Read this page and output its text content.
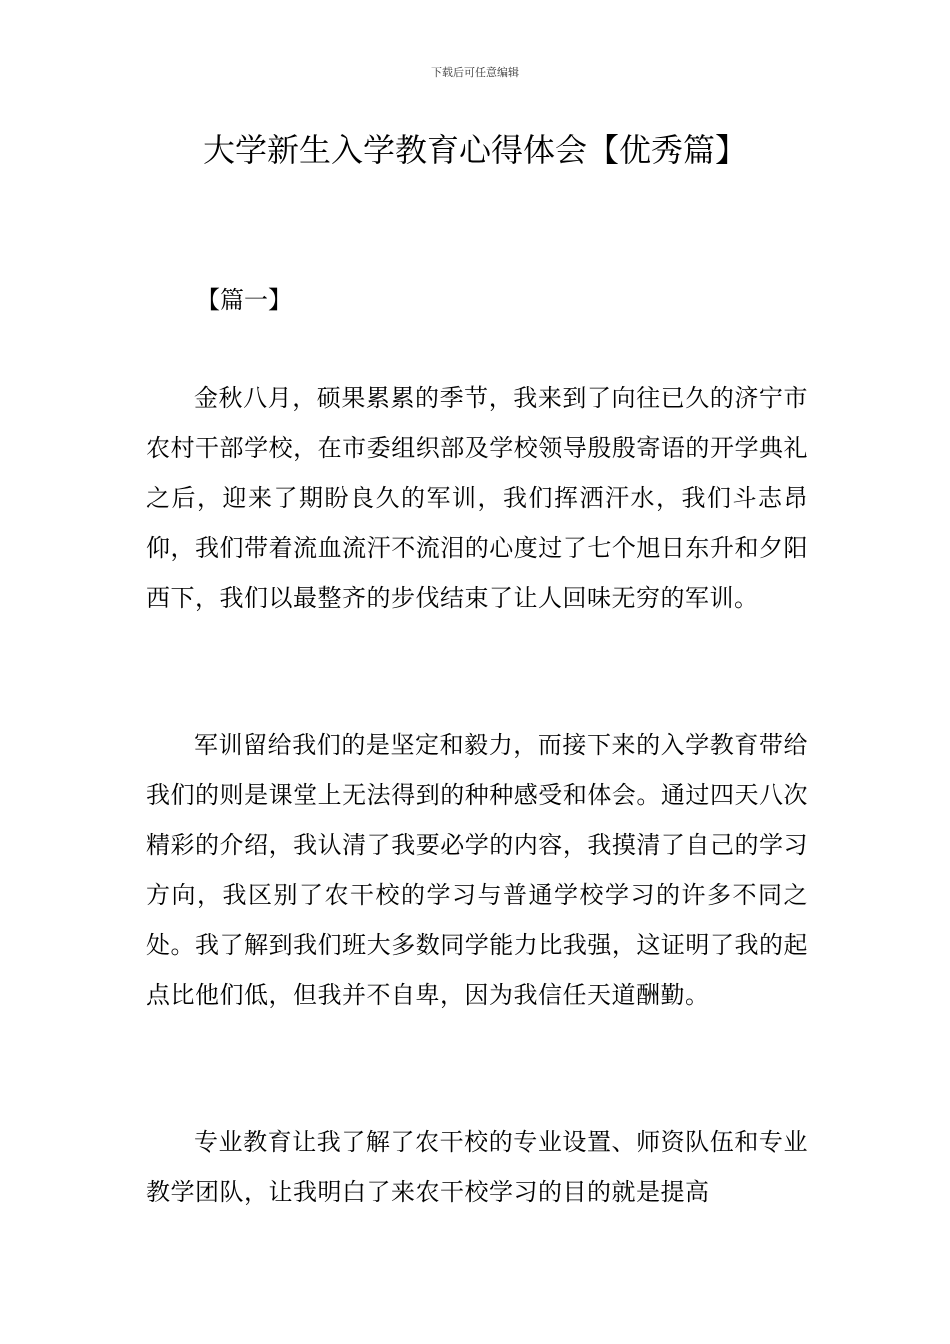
下载后可任意编辑
大学新生入学教育心得体会【优秀篇】
【篇一】

金秋八月，硕果累累的季节，我来到了向往已久的济宁市农村干部学校，在市委组织部及学校领导殷殷寄语的开学典礼之后，迎来了期盼良久的军训，我们挥洒汗水，我们斗志昂仰，我们带着流血流汗不流泪的心度过了七个旭日东升和夕阳西下，我们以最整齐的步伐结束了让人回味无穷的军训。

军训留给我们的是坚定和毅力，而接下来的入学教育带给我们的则是课堂上无法得到的种种感受和体会。通过四天八次精彩的介绍，我认清了我要必学的内容，我摸清了自己的学习方向，我区别了农干校的学习与普通学校学习的许多不同之处。我了解到我们班大多数同学能力比我强，这证明了我的起点比他们低，但我并不自卑，因为我信任天道酬勤。

专业教育让我了解了农干校的专业设置、师资队伍和专业教学团队，让我明白了来农干校学习的目的就是提高
